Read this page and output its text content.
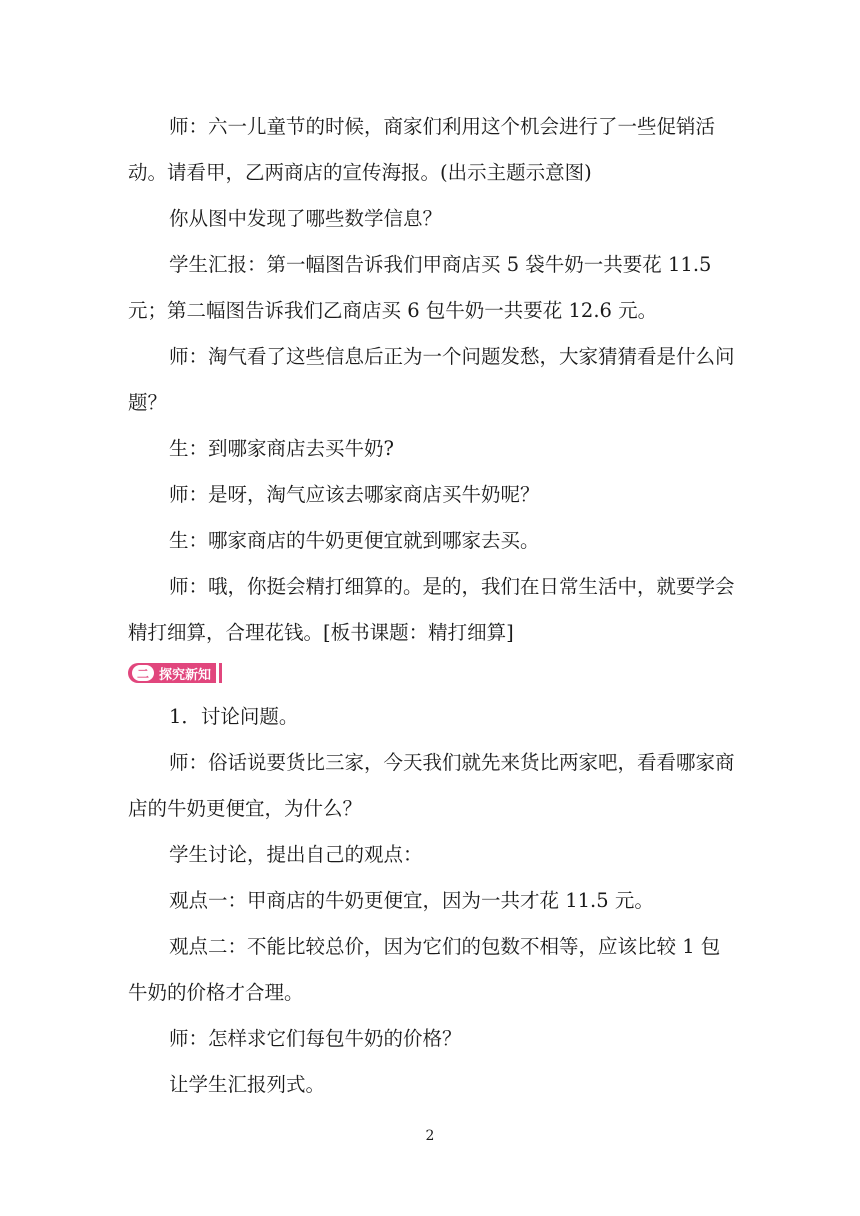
师：六一儿童节的时候，商家们利用这个机会进行了一些促销活动。请看甲，乙两商店的宣传海报。(出示主题示意图)

你从图中发现了哪些数学信息？

学生汇报：第一幅图告诉我们甲商店买 5 袋牛奶一共要花 11.5 元；第二幅图告诉我们乙商店买 6 包牛奶一共要花 12.6 元。

师：淘气看了这些信息后正为一个问题发愁，大家猜猜看是什么问题？

生：到哪家商店去买牛奶?

师：是呀，淘气应该去哪家商店买牛奶呢？

生：哪家商店的牛奶更便宜就到哪家去买。

师：哦，你挺会精打细算的。是的，我们在日常生活中，就要学会精打细算，合理花钱。[板书课题：精打细算]

二 探究新知

1．讨论问题。

师：俗话说要货比三家，今天我们就先来货比两家吧，看看哪家商店的牛奶更便宜，为什么？

学生讨论，提出自己的观点：

观点一：甲商店的牛奶更便宜，因为一共才花 11.5 元。

观点二：不能比较总价，因为它们的包数不相等，应该比较 1 包牛奶的价格才合理。

师：怎样求它们每包牛奶的价格？

让学生汇报列式。

2
